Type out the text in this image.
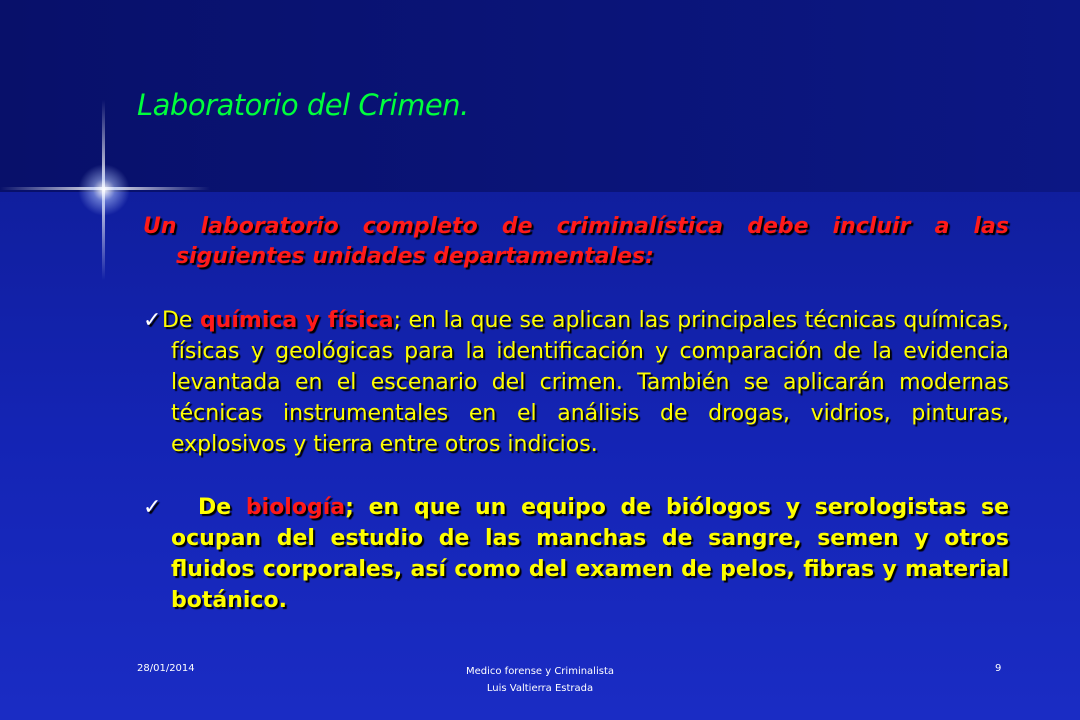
Laboratorio del Crimen.
Un laboratorio completo de criminalística debe incluir a las siguientes unidades departamentales:
✓De química y física; en la que se aplican las principales técnicas químicas, físicas y geológicas para la identificación y comparación de la evidencia levantada en el escenario del crimen. También se aplicarán modernas técnicas instrumentales en el análisis de drogas, vidrios, pinturas, explosivos y tierra entre otros indicios.
✓  De biología; en que un equipo de biólogos y serologistas se ocupan del estudio de las manchas de sangre, semen y otros fluidos corporales, así como del examen de pelos, fibras y material botánico.
28/01/2014	Medico forense y Criminalista
Luis Valtierra Estrada
9
